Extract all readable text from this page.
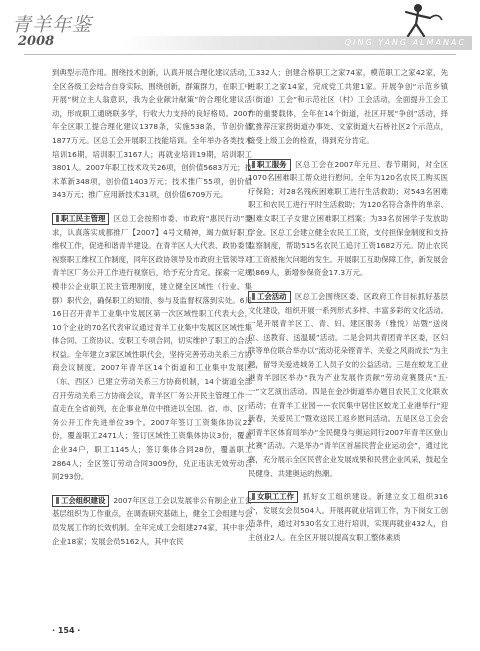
青羊年鉴
2008	QING YANG ALMANAC

到典型示范作用。围绕技术创新，认真开展合理化建议活动，全区各级工会结合自身实际，围绕创新，群策群力，在职工中开展“树立主人翁意识，我为企业献计献策”的合理化建议活动，形成职工通晓联多学，行收大力支持的良好格局。2007年全区职工提合理化建议1378条，实施538条，节创价值1877万元。区总工会开展职工技能培训。全年举办各类技术培训16期，培训职工3167人；再就业培训19期，培训职工3801人。2007年职工技术攻关26项，创价值5683万元；技术革新348项，创价值1403万元；技术推广55项，创价值343万元；推广应用新技术31项，创价值6709万元。

职工民主管理 区总工会按照市委、市政府“惠民行动”要求，认真落实成都推厂【2007】4号文精神，竭力做好职工维权工作，促进和谐青羊建设。在青羊区人大代表、政协委员视察职工维权工作制度，同年区政协领导及市政府主管领导对青羊区厂务公开工作进行视察后，给予充分肯定。探索一定规模非公企业职工民主管理制度，建立健全区域性（行业、集群）职代会，确保职工的知情、参与及监督权落到实处。6月16日召开青羊工业集中发展区第一次区域性职工代表大会，10个企业的70名代表审议通过青羊工业集中发展区区域性集体合同、工资协议、安职工专项合同，切实维护了职工的合法权益。全年建立3家区域性职代会，坚持完善劳动关系三方协商会议制度。2007年青羊区14个街道和工业集中发展区（东、西区）已建立劳动关系三方协商机制，14个街道全部召开劳动关系三方协商会议，青羊区厂务公开民主管理工作一直走在全省前列，在企事业单位中推进以全国、省、市、区厂务公开工作先进单位39个。2007年签订工资集体协议22份，覆盖职工2471人；签订区域性工资集体协议3份，覆盖企业34户，职工1145人；签订集体合同28份，覆盖职工2864人；全区签订劳动合同3009份，兑正违法无效劳动合同293份。

工会组织建设 2007年区总工会以发展非公有制企业工会基层组织为工作重点，在调查研究基础上，健全工会组建与会员发展工作的长效机制。全年完成工会组建274家，其中非公企业18家；发展会员5162人，其中农民

工332人；创建合格职工之家74家，模范职工之家42家，先进职工之家14家，完成党工共建1家。开展争创“示范乡镇（街道）工会”和示范社区（村）工会活动，全面提升工会工作的重要载体，全年在14个街道，社区开展“争创”活动，择优推荐汪家拐街道办事处、文家街道大石桥社区2个示范点，接受上级工会的检查，得到充分肯定。

职工服务 区总工会在2007年元旦、春节期间，对全区1070名困难职工帮众进行慰问。全年为120名农民工购买医疗保险；对28名残疾困难职工进行生活救助；对543名困难职工和农民工进行平时生活救助；为120名符合条件的单亲、困难女职工子女建立困难职工档案；为33名贫困学子发放助学金。区总工会建立健全农民工工资，支付担保金制度和支持监察制度，帮助515名农民工追讨工资1682万元。防止农民工工资被拖欠问题的发生。开展职工互助保障工作，新发展会员869人，新增参保资金17.3万元。

工会活动 区总工会围绕区委、区政府工作目标抓好基层文化建设，组织开展一系列形式多样、丰富多彩的文化活动。一是开展青羊区工、青、妇、建区服务（雅悦）站暨“送岗位、送教育、送温暖”活动。二是会同共青团青羊区委，区妇联等单位联合举办以“流动花朵铿青羊、关爱之风雨成长”为主题，留导关爱进城务工人员子女的公益活动。三是在蛟龙工业港青羊园区举办“我为产业发展作贡献”劳动竞赛暨庆“五·一”文艺演出活动。四是在金沙街道举办题目农民工文化联欢活动；在青羊工业园——农民集中居住区蛟龙工业港举行“迎新春，关爱民工”暨欢送民工返乡慰问活动。五是区总工会会同青羊区体育局举办“全民健身与奥运同行2007年青羊区登山比赛”活动。六是举办“青羊区首届民营企业运动会”，通过比赛，充分展示全区民营企业发展成果和民营企业风采，鼓起全民健身、共建奥运的热潮。

女职工工作 抓好女工组织建设。新建立女工组织316个，发展女会员504人。开展再就业培训工作，为下岗女工创造条件，通过对530名女工进行培训，实现再就业432人，自主创业2人。在全区开展以提高女职工整体素质

· 154 ·
